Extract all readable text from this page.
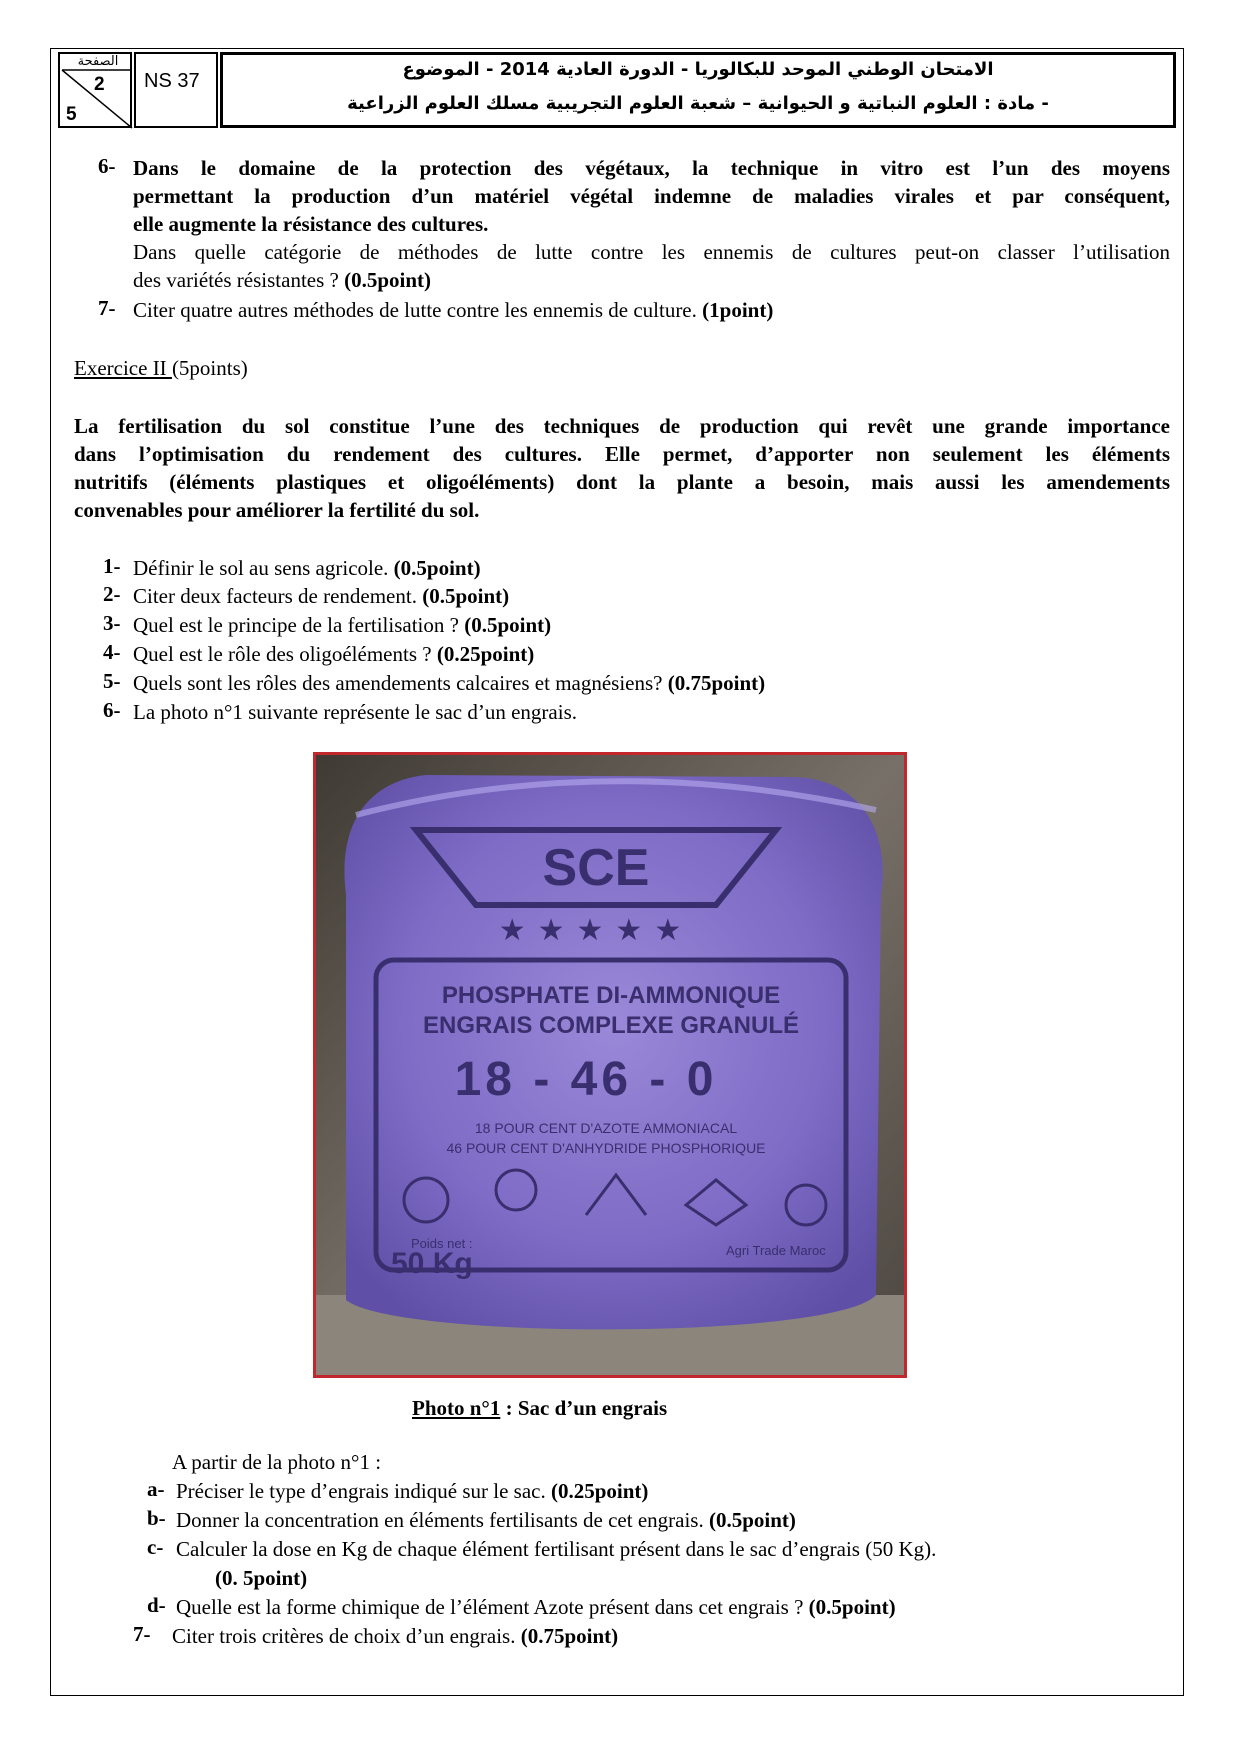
الصفحة
2
5
NS 37
الامتحان الوطني الموحد للبكالوريا - الدورة العادية 2014 - الموضوع
- مادة : العلوم النباتية و الحيوانية – شعبة العلوم التجريبية مسلك العلوم الزراعية
6- Dans le domaine de la protection des végétaux, la technique in vitro est l’un des moyens
permettant la production d’un matériel végétal indemne de maladies virales et par conséquent,
elle augmente la résistance des cultures.
Dans quelle catégorie de méthodes de lutte contre les ennemis de cultures peut-on classer l’utilisation
des variétés résistantes ? (0.5point)
7- Citer quatre autres méthodes de lutte contre les ennemis de culture. (1point)
Exercice II (5points)
La fertilisation du sol constitue l’une des techniques de production qui revêt une grande importance
dans l’optimisation du rendement des cultures. Elle permet, d’apporter non seulement les éléments
nutritifs (éléments plastiques et oligoéléments) dont la plante a besoin, mais aussi les amendements
convenables pour améliorer la fertilité du sol.
1- Définir le sol au sens agricole. (0.5point)
2- Citer deux facteurs de rendement. (0.5point)
3- Quel est le principe de la fertilisation ? (0.5point)
4- Quel est le rôle des oligoéléments ? (0.25point)
5- Quels sont les rôles des amendements calcaires et magnésiens? (0.75point)
6- La photo n°1 suivante représente le sac d’un engrais.
SCE
★★★★★
PHOSPHATE DI-AMMONIQUE
ENGRAIS COMPLEXE GRANULÉ
18 - 46 - 0
18 POUR CENT D'AZOTE AMMONIACAL
46 POUR CENT D'ANHYDRIDE PHOSPHORIQUE
Poids net :
50 Kg	Agri Trade Maroc
Photo n°1 : Sac d’un engrais
A partir de la photo n°1 :
a- Préciser le type d’engrais indiqué sur le sac. (0.25point)
b- Donner la concentration en éléments fertilisants de cet engrais. (0.5point)
c- Calculer la dose en Kg de chaque élément fertilisant présent dans le sac d’engrais (50 Kg).
(0. 5point)
d- Quelle est la forme chimique de l’élément Azote présent dans cet engrais ? (0.5point)
7- Citer trois critères de choix d’un engrais. (0.75point)
